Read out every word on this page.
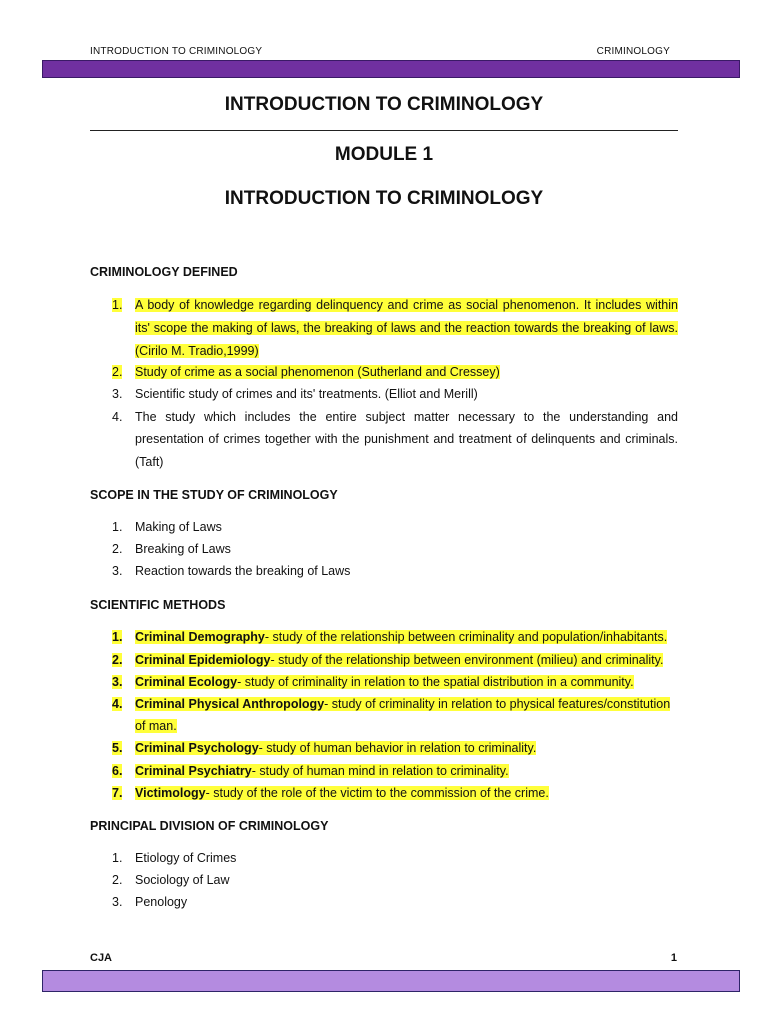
INTRODUCTION TO CRIMINOLOGY	CRIMINOLOGY
INTRODUCTION TO CRIMINOLOGY
MODULE 1
INTRODUCTION TO CRIMINOLOGY
CRIMINOLOGY DEFINED
1. A body of knowledge regarding delinquency and crime as social phenomenon. It includes within
its' scope the making of laws, the breaking of laws and the reaction towards the breaking of laws.
(Cirilo M. Tradio,1999)
2. Study of crime as a social phenomenon (Sutherland and Cressey)
3. Scientific study of crimes and its' treatments. (Elliot and Merill)
4. The study which includes the entire subject matter necessary to the understanding and
presentation of crimes together with the punishment and treatment of delinquents and criminals.
(Taft)
SCOPE IN THE STUDY OF CRIMINOLOGY
1. Making of Laws
2. Breaking of Laws
3. Reaction towards the breaking of Laws
SCIENTIFIC METHODS
1. Criminal Demography- study of the relationship between criminality and population/inhabitants.
2. Criminal Epidemiology- study of the relationship between environment (milieu) and criminality.
3. Criminal Ecology- study of criminality in relation to the spatial distribution in a community.
4. Criminal Physical Anthropology- study of criminality in relation to physical features/constitution
of man.
5. Criminal Psychology- study of human behavior in relation to criminality.
6. Criminal Psychiatry- study of human mind in relation to criminality.
7. Victimology- study of the role of the victim to the commission of the crime.
PRINCIPAL DIVISION OF CRIMINOLOGY
1. Etiology of Crimes
2. Sociology of Law
3. Penology
CJA	1
